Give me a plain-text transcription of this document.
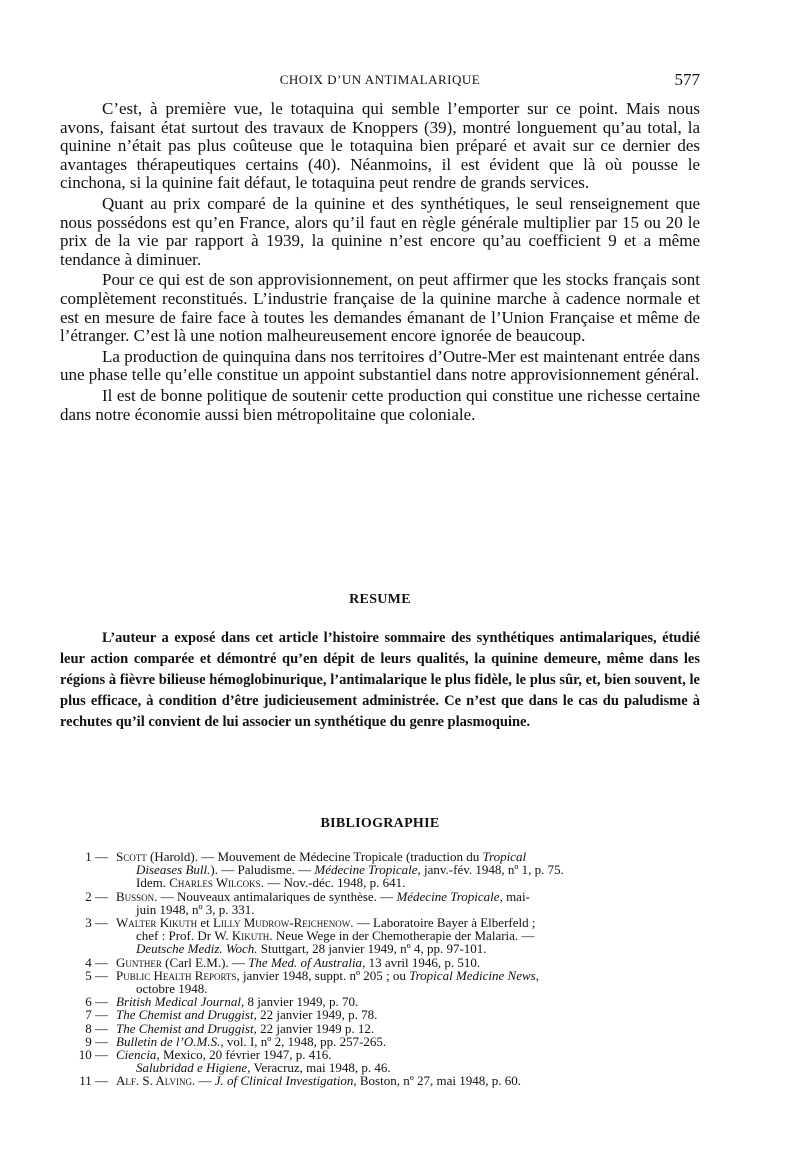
CHOIX D’UN ANTIMALARIQUE	577

C’est, à première vue, le totaquina qui semble l’emporter sur ce point. Mais nous avons, faisant état surtout des travaux de Knoppers (39), montré longuement qu’au total, la quinine n’était pas plus coûteuse que le totaquina bien préparé et avait sur ce dernier des avantages thérapeutiques certains (40). Néanmoins, il est évident que là où pousse le cinchona, si la quinine fait défaut, le totaquina peut rendre de grands services.

Quant au prix comparé de la quinine et des synthétiques, le seul renseignement que nous possédons est qu’en France, alors qu’il faut en règle générale multiplier par 15 ou 20 le prix de la vie par rapport à 1939, la quinine n’est encore qu’au coefficient 9 et a même tendance à diminuer.

Pour ce qui est de son approvisionnement, on peut affirmer que les stocks français sont complètement reconstitués. L’industrie française de la quinine marche à cadence normale et est en mesure de faire face à toutes les demandes émanant de l’Union Française et même de l’étranger. C’est là une notion malheureusement encore ignorée de beaucoup.

La production de quinquina dans nos territoires d’Outre-Mer est maintenant entrée dans une phase telle qu’elle constitue un appoint substantiel dans notre approvisionnement général.

Il est de bonne politique de soutenir cette production qui constitue une richesse certaine dans notre économie aussi bien métropolitaine que coloniale.

RESUME

L’auteur a exposé dans cet article l’histoire sommaire des synthétiques antimalariques, étudié leur action comparée et démontré qu’en dépit de leurs qualités, la quinine demeure, même dans les régions à fièvre bilieuse hémoglobinurique, l’antimalarique le plus fidèle, le plus sûr, et, bien souvent, le plus efficace, à condition d’être judicieusement administrée. Ce n’est que dans le cas du paludisme à rechutes qu’il convient de lui associer un synthétique du genre plasmoquine.

BIBLIOGRAPHIE
1 — Scott (Harold). — Mouvement de Médecine Tropicale (traduction du Tropical
Diseases Bull.). — Paludisme. — Médecine Tropicale, janv.-fév. 1948, nº 1, p. 75.
Idem. Charles Wilcoks. — Nov.-déc. 1948, p. 641.
2 — Busson. — Nouveaux antimalariques de synthèse. — Médecine Tropicale, mai-
juin 1948, nº 3, p. 331.
3 — Walter Kikuth et Lilly Mudrow-Reichenow. — Laboratoire Bayer à Elberfeld ;
chef : Prof. Dr W. Kikuth. Neue Wege in der Chemotherapie der Malaria. —
Deutsche Mediz. Woch. Stuttgart, 28 janvier 1949, nº 4, pp. 97-101.
4 — Gunther (Carl E.M.). — The Med. of Australia, 13 avril 1946, p. 510.
5 — Public Health Reports, janvier 1948, suppt. nº 205 ; ou Tropical Medicine News,
octobre 1948.
6 — British Medical Journal, 8 janvier 1949, p. 70.
7 — The Chemist and Druggist, 22 janvier 1949, p. 78.
8 — The Chemist and Druggist, 22 janvier 1949 p. 12.
9 — Bulletin de l’O.M.S., vol. I, nº 2, 1948, pp. 257-265.
10 — Ciencia, Mexico, 20 février 1947, p. 416.
Salubridad e Higiene, Veracruz, mai 1948, p. 46.
11 — Alf. S. Alving. — J. of Clinical Investigation, Boston, nº 27, mai 1948, p. 60.
